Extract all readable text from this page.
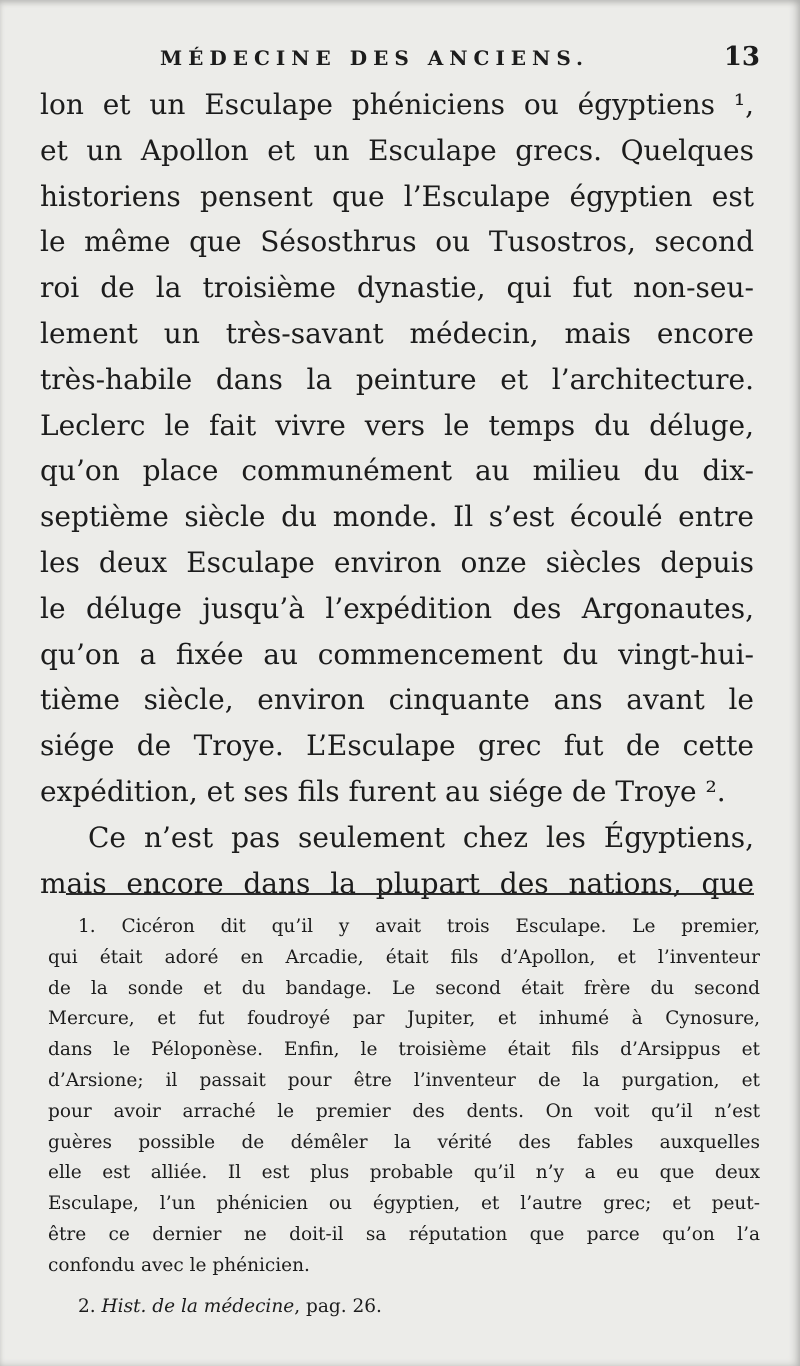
MÉDECINE DES ANCIENS.	13
lon et un Esculape phéniciens ou égyptiens ¹,
et un Apollon et un Esculape grecs. Quelques
historiens pensent que l’Esculape égyptien est
le même que Sésosthrus ou Tusostros, second
roi de la troisième dynastie, qui fut non-seu-
lement un très-savant médecin, mais encore
très-habile dans la peinture et l’architecture.
Leclerc le fait vivre vers le temps du déluge,
qu’on place communément au milieu du dix-
septième siècle du monde. Il s’est écoulé entre
les deux Esculape environ onze siècles depuis
le déluge jusqu’à l’expédition des Argonautes,
qu’on a fixée au commencement du vingt-hui-
tième siècle, environ cinquante ans avant le
siége de Troye. L’Esculape grec fut de cette
expédition, et ses fils furent au siége de Troye ².
Ce n’est pas seulement chez les Égyptiens,
mais encore dans la plupart des nations, que
1. Cicéron dit qu’il y avait trois Esculape. Le premier,
qui était adoré en Arcadie, était fils d’Apollon, et l’inventeur
de la sonde et du bandage. Le second était frère du second
Mercure, et fut foudroyé par Jupiter, et inhumé à Cynosure,
dans le Péloponèse. Enfin, le troisième était fils d’Arsippus et
d’Arsione; il passait pour être l’inventeur de la purgation, et
pour avoir arraché le premier des dents. On voit qu’il n’est
guères possible de démêler la vérité des fables auxquelles
elle est alliée. Il est plus probable qu’il n’y a eu que deux
Esculape, l’un phénicien ou égyptien, et l’autre grec; et peut-
être ce dernier ne doit-il sa réputation que parce qu’on l’a
confondu avec le phénicien.
2. Hist. de la médecine, pag. 26.
